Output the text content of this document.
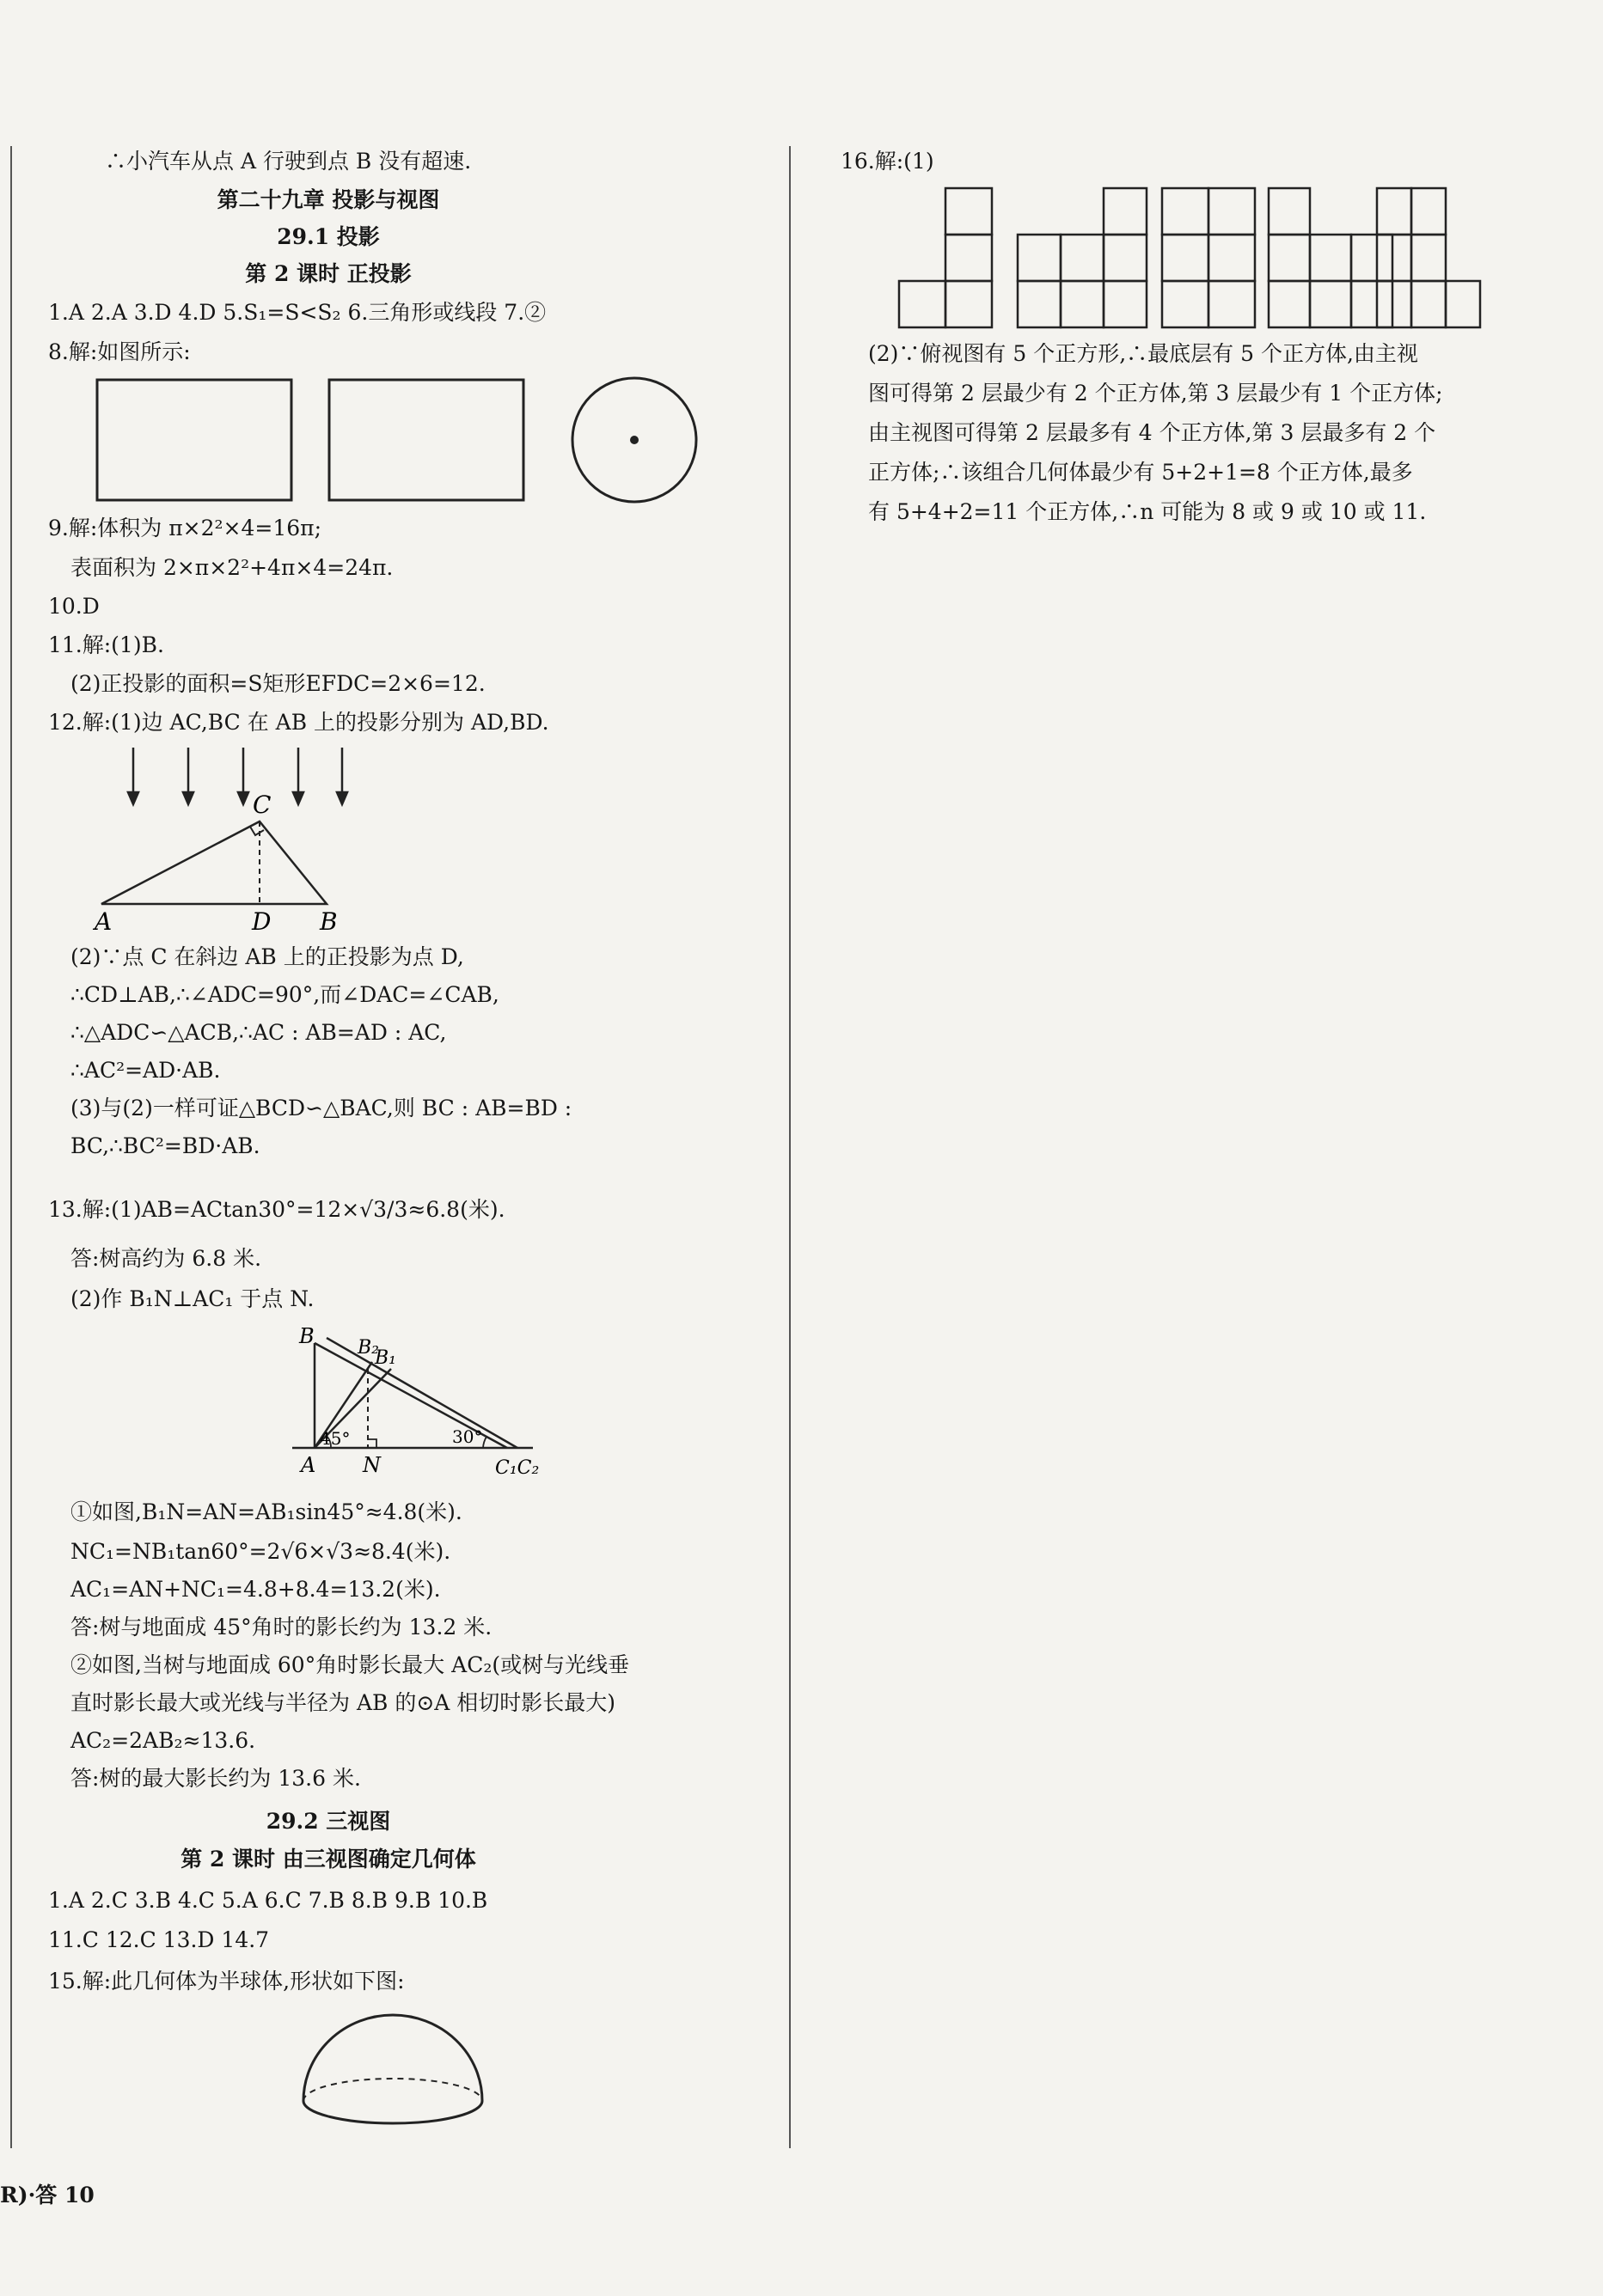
∴小汽车从点 A 行驶到点 B 没有超速.
第二十九章 投影与视图
29.1 投影
第 2 课时 正投影
1.A 2.A 3.D 4.D 5.S₁=S<S₂ 6.三角形或线段 7.②
8.解:如图所示:
9.解:体积为 π×2²×4=16π;
表面积为 2×π×2²+4π×4=24π.
10.D
11.解:(1)B.
(2)正投影的面积=S矩形EFDC=2×6=12.
12.解:(1)边 AC,BC 在 AB 上的投影分别为 AD,BD.
C
A	D B
(2)∵点 C 在斜边 AB 上的正投影为点 D,
∴CD⊥AB,∴∠ADC=90°,而∠DAC=∠CAB,
∴△ADC∽△ACB,∴AC : AB=AD : AC,
∴AC²=AD·AB.
(3)与(2)一样可证△BCD∽△BAC,则 BC : AB=BD :
BC,∴BC²=BD·AB.
13.解:(1)AB=ACtan30°=12×√3/3≈6.8(米).
答:树高约为 6.8 米.
(2)作 B₁N⊥AC₁ 于点 N.
B B₂
B₁
45°	30°
A N	C₁C₂
①如图,B₁N=AN=AB₁sin45°≈4.8(米).
NC₁=NB₁tan60°=2√6×√3≈8.4(米).
AC₁=AN+NC₁=4.8+8.4=13.2(米).
答:树与地面成 45°角时的影长约为 13.2 米.
②如图,当树与地面成 60°角时影长最大 AC₂(或树与光线垂
直时影长最大或光线与半径为 AB 的⊙A 相切时影长最大)
AC₂=2AB₂≈13.6.
答:树的最大影长约为 13.6 米.
29.2 三视图
第 2 课时 由三视图确定几何体
1.A 2.C 3.B 4.C 5.A 6.C 7.B 8.B 9.B 10.B
11.C 12.C 13.D 14.7
15.解:此几何体为半球体,形状如下图:
R)·答 10
16.解:(1)
(2)∵俯视图有 5 个正方形,∴最底层有 5 个正方体,由主视
图可得第 2 层最少有 2 个正方体,第 3 层最少有 1 个正方体;
由主视图可得第 2 层最多有 4 个正方体,第 3 层最多有 2 个
正方体;∴该组合几何体最少有 5+2+1=8 个正方体,最多
有 5+4+2=11 个正方体,∴n 可能为 8 或 9 或 10 或 11.
